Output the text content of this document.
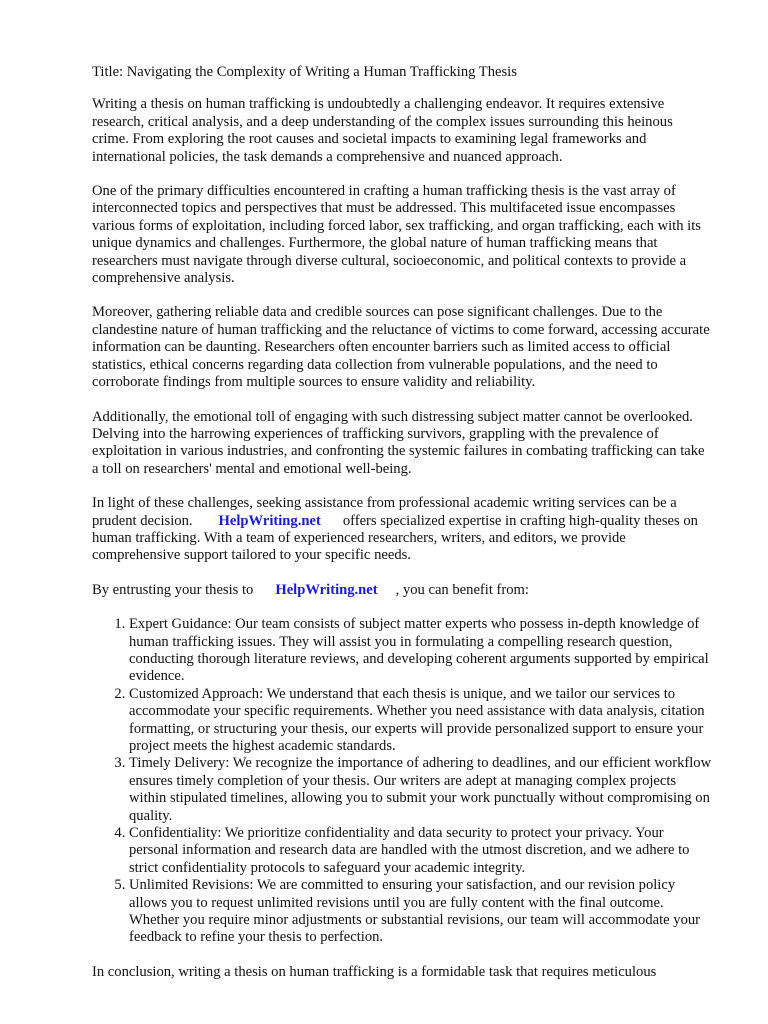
Title: Navigating the Complexity of Writing a Human Trafficking Thesis

Writing a thesis on human trafficking is undoubtedly a challenging endeavor. It requires extensive research, critical analysis, and a deep understanding of the complex issues surrounding this heinous crime. From exploring the root causes and societal impacts to examining legal frameworks and international policies, the task demands a comprehensive and nuanced approach.

One of the primary difficulties encountered in crafting a human trafficking thesis is the vast array of interconnected topics and perspectives that must be addressed. This multifaceted issue encompasses various forms of exploitation, including forced labor, sex trafficking, and organ trafficking, each with its unique dynamics and challenges. Furthermore, the global nature of human trafficking means that researchers must navigate through diverse cultural, socioeconomic, and political contexts to provide a comprehensive analysis.

Moreover, gathering reliable data and credible sources can pose significant challenges. Due to the clandestine nature of human trafficking and the reluctance of victims to come forward, accessing accurate information can be daunting. Researchers often encounter barriers such as limited access to official statistics, ethical concerns regarding data collection from vulnerable populations, and the need to corroborate findings from multiple sources to ensure validity and reliability.

Additionally, the emotional toll of engaging with such distressing subject matter cannot be overlooked. Delving into the harrowing experiences of trafficking survivors, grappling with the prevalence of exploitation in various industries, and confronting the systemic failures in combating trafficking can take a toll on researchers' mental and emotional well-being.

In light of these challenges, seeking assistance from professional academic writing services can be a prudent decision. HelpWriting.net offers specialized expertise in crafting high-quality theses on human trafficking. With a team of experienced researchers, writers, and editors, we provide comprehensive support tailored to your specific needs.

By entrusting your thesis to HelpWriting.net , you can benefit from:

1. Expert Guidance: Our team consists of subject matter experts who possess in-depth knowledge of human trafficking issues. They will assist you in formulating a compelling research question, conducting thorough literature reviews, and developing coherent arguments supported by empirical evidence.
2. Customized Approach: We understand that each thesis is unique, and we tailor our services to accommodate your specific requirements. Whether you need assistance with data analysis, citation formatting, or structuring your thesis, our experts will provide personalized support to ensure your project meets the highest academic standards.
3. Timely Delivery: We recognize the importance of adhering to deadlines, and our efficient workflow ensures timely completion of your thesis. Our writers are adept at managing complex projects within stipulated timelines, allowing you to submit your work punctually without compromising on quality.
4. Confidentiality: We prioritize confidentiality and data security to protect your privacy. Your personal information and research data are handled with the utmost discretion, and we adhere to strict confidentiality protocols to safeguard your academic integrity.
5. Unlimited Revisions: We are committed to ensuring your satisfaction, and our revision policy allows you to request unlimited revisions until you are fully content with the final outcome. Whether you require minor adjustments or substantial revisions, our team will accommodate your feedback to refine your thesis to perfection.

In conclusion, writing a thesis on human trafficking is a formidable task that requires meticulous
